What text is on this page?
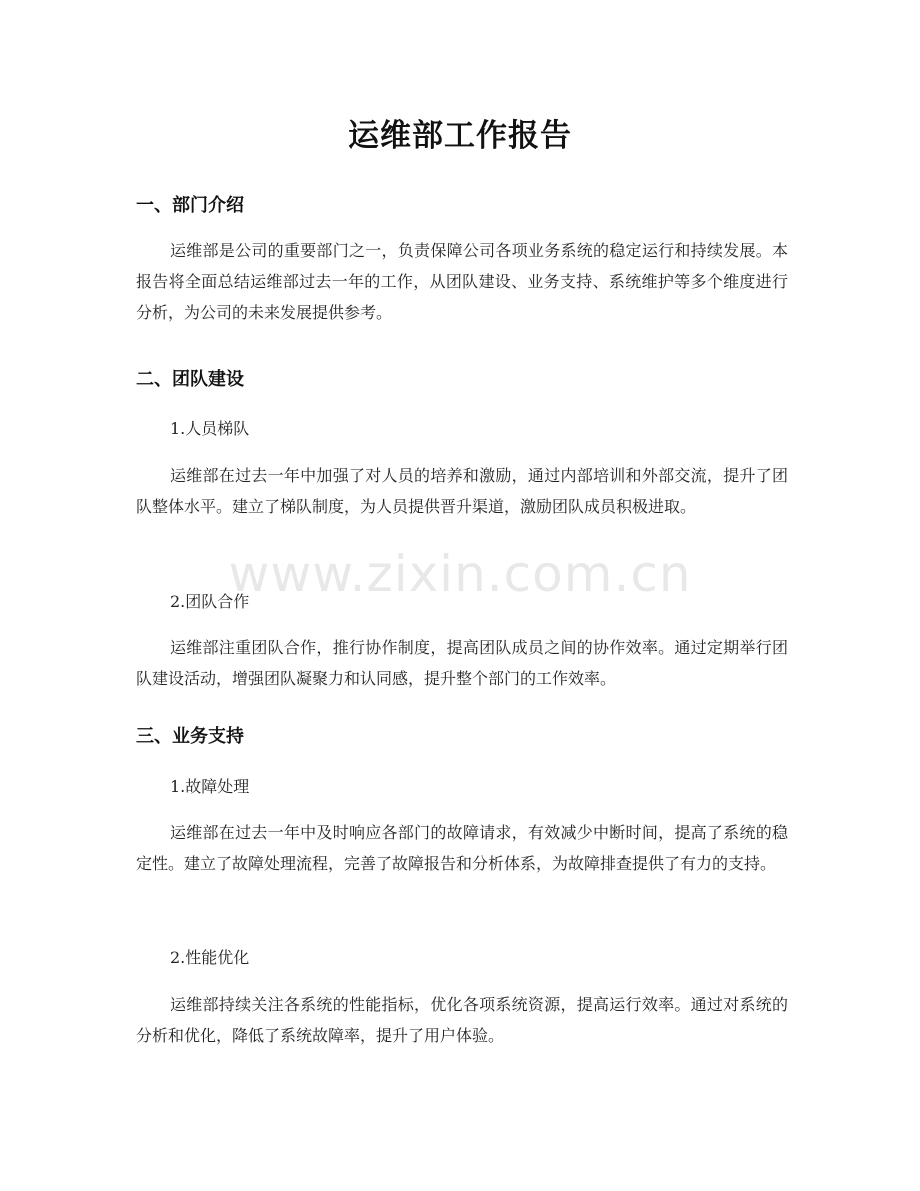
运维部工作报告
一、部门介绍

运维部是公司的重要部门之一，负责保障公司各项业务系统的稳定运行和持续发展。本报告将全面总结运维部过去一年的工作，从团队建设、业务支持、系统维护等多个维度进行分析，为公司的未来发展提供参考。

二、团队建设
1.人员梯队

运维部在过去一年中加强了对人员的培养和激励，通过内部培训和外部交流，提升了团队整体水平。建立了梯队制度，为人员提供晋升渠道，激励团队成员积极进取。

2.团队合作

运维部注重团队合作，推行协作制度，提高团队成员之间的协作效率。通过定期举行团队建设活动，增强团队凝聚力和认同感，提升整个部门的工作效率。

三、业务支持
1.故障处理

运维部在过去一年中及时响应各部门的故障请求，有效减少中断时间，提高了系统的稳定性。建立了故障处理流程，完善了故障报告和分析体系，为故障排查提供了有力的支持。

2.性能优化

运维部持续关注各系统的性能指标，优化各项系统资源，提高运行效率。通过对系统的分析和优化，降低了系统故障率，提升了用户体验。

www.zixin.com.cn
